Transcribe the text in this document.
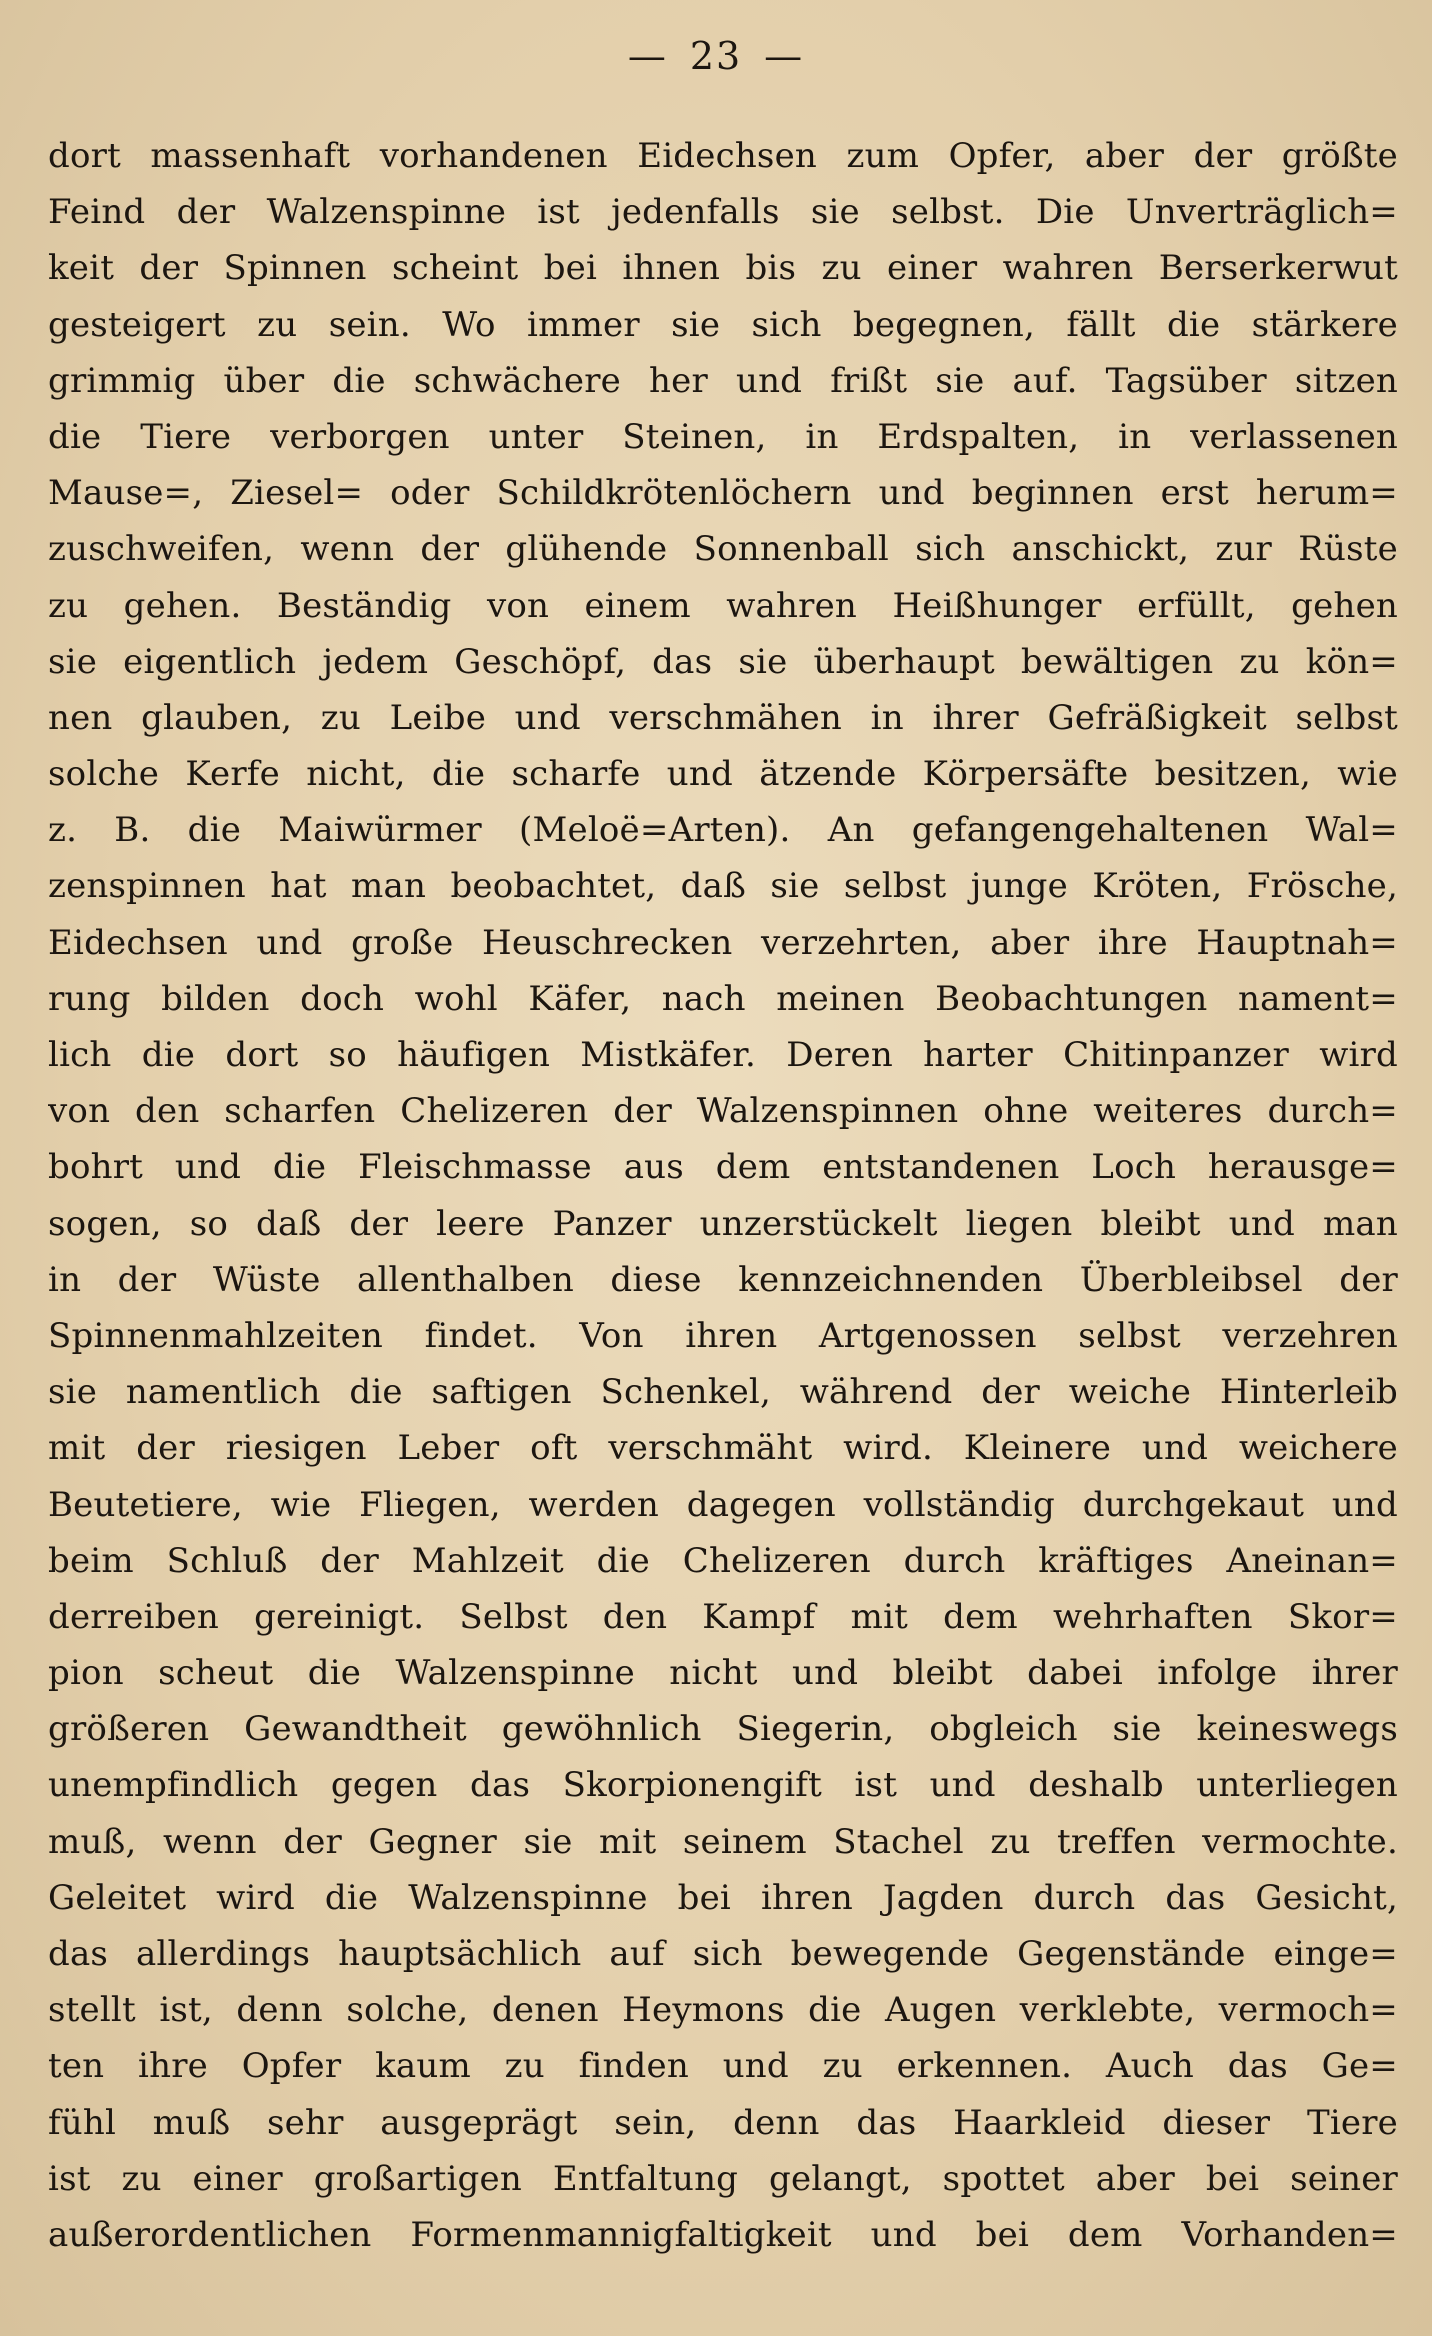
— 23 —
dort massenhaft vorhandenen Eidechsen zum Opfer, aber der größte
Feind der Walzenspinne ist jedenfalls sie selbst. Die Unverträglich=
keit der Spinnen scheint bei ihnen bis zu einer wahren Berserkerwut
gesteigert zu sein. Wo immer sie sich begegnen, fällt die stärkere
grimmig über die schwächere her und frißt sie auf. Tagsüber sitzen
die Tiere verborgen unter Steinen, in Erdspalten, in verlassenen
Mause=, Ziesel= oder Schildkrötenlöchern und beginnen erst herum=
zuschweifen, wenn der glühende Sonnenball sich anschickt, zur Rüste
zu gehen. Beständig von einem wahren Heißhunger erfüllt, gehen
sie eigentlich jedem Geschöpf, das sie überhaupt bewältigen zu kön=
nen glauben, zu Leibe und verschmähen in ihrer Gefräßigkeit selbst
solche Kerfe nicht, die scharfe und ätzende Körpersäfte besitzen, wie
z. B. die Maiwürmer (Meloë=Arten). An gefangengehaltenen Wal=
zenspinnen hat man beobachtet, daß sie selbst junge Kröten, Frösche,
Eidechsen und große Heuschrecken verzehrten, aber ihre Hauptnah=
rung bilden doch wohl Käfer, nach meinen Beobachtungen nament=
lich die dort so häufigen Mistkäfer. Deren harter Chitinpanzer wird
von den scharfen Chelizeren der Walzenspinnen ohne weiteres durch=
bohrt und die Fleischmasse aus dem entstandenen Loch herausge=
sogen, so daß der leere Panzer unzerstückelt liegen bleibt und man
in der Wüste allenthalben diese kennzeichnenden Überbleibsel der
Spinnenmahlzeiten findet. Von ihren Artgenossen selbst verzehren
sie namentlich die saftigen Schenkel, während der weiche Hinterleib
mit der riesigen Leber oft verschmäht wird. Kleinere und weichere
Beutetiere, wie Fliegen, werden dagegen vollständig durchgekaut und
beim Schluß der Mahlzeit die Chelizeren durch kräftiges Aneinan=
derreiben gereinigt. Selbst den Kampf mit dem wehrhaften Skor=
pion scheut die Walzenspinne nicht und bleibt dabei infolge ihrer
größeren Gewandtheit gewöhnlich Siegerin, obgleich sie keineswegs
unempfindlich gegen das Skorpionengift ist und deshalb unterliegen
muß, wenn der Gegner sie mit seinem Stachel zu treffen vermochte.
Geleitet wird die Walzenspinne bei ihren Jagden durch das Gesicht,
das allerdings hauptsächlich auf sich bewegende Gegenstände einge=
stellt ist, denn solche, denen Heymons die Augen verklebte, vermoch=
ten ihre Opfer kaum zu finden und zu erkennen. Auch das Ge=
fühl muß sehr ausgeprägt sein, denn das Haarkleid dieser Tiere
ist zu einer großartigen Entfaltung gelangt, spottet aber bei seiner
außerordentlichen Formenmannigfaltigkeit und bei dem Vorhanden=
